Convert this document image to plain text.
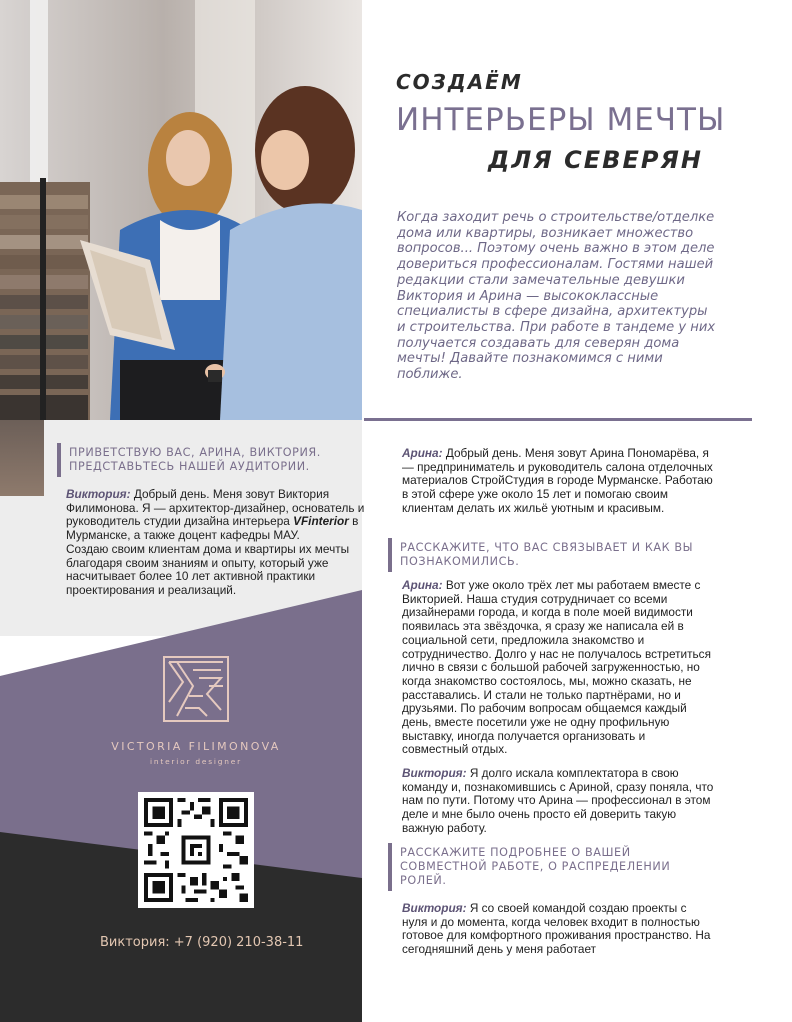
СОЗДАЁМ
ИНТЕРЬЕРЫ МЕЧТЫ
ДЛЯ СЕВЕРЯН
Когда заходит речь о строительстве/отделке дома или квартиры, возникает множество вопросов... Поэтому очень важно в этом деле довериться профессионалам. Гостями нашей редакции стали замечательные девушки Виктория и Арина — высококлассные специалисты в сфере дизайна, архитектуры и строительства. При работе в тандеме у них получается создавать для северян дома мечты! Давайте познакомимся с ними поближе.
ПРИВЕТСТВУЮ ВАС, АРИНА, ВИКТОРИЯ. ПРЕДСТАВЬТЕСЬ НАШЕЙ АУДИТОРИИ.
Виктория: Добрый день. Меня зовут Виктория Филимонова. Я — архитектор-дизайнер, основатель и руководитель студии дизайна интерьера VFinterior в Мурманске, а также доцент кафедры МАУ.
Создаю своим клиентам дома и квартиры их мечты благодаря своим знаниям и опыту, который уже насчитывает более 10 лет активной практики проектирования и реализаций.
VICTORIA FILIMONOVA
interior designer
Виктория: +7 (920) 210-38-11
Арина: Добрый день. Меня зовут Арина Пономарёва, я — предприниматель и руководитель салона отделочных материалов СтройСтудия в городе Мурманске. Работаю в этой сфере уже около 15 лет и помогаю своим клиентам делать их жильё уютным и красивым.
РАССКАЖИТЕ, ЧТО ВАС СВЯЗЫВАЕТ И КАК ВЫ ПОЗНАКОМИЛИСЬ.
Арина: Вот уже около трёх лет мы работаем вместе с Викторией. Наша студия сотрудничает со всеми дизайнерами города, и когда в поле моей видимости появилась эта звёздочка, я сразу же написала ей в социальной сети, предложила знакомство и сотрудничество. Долго у нас не получалось встретиться лично в связи с большой рабочей загруженностью, но когда знакомство состоялось, мы, можно сказать, не расставались. И стали не только партнёрами, но и друзьями. По рабочим вопросам общаемся каждый день, вместе посетили уже не одну профильную выставку, иногда получается организовать и совместный отдых.
Виктория: Я долго искала комплектатора в свою команду и, познакомившись с Ариной, сразу поняла, что нам по пути. Потому что Арина — профессионал в этом деле и мне было очень просто ей доверить такую важную работу.
РАССКАЖИТЕ ПОДРОБНЕЕ О ВАШЕЙ СОВМЕСТНОЙ РАБОТЕ, О РАСПРЕДЕЛЕНИИ РОЛЕЙ.
Виктория: Я со своей командой создаю проекты с нуля и до момента, когда человек входит в полностью готовое для комфортного проживания пространство. На сегодняшний день у меня работает
